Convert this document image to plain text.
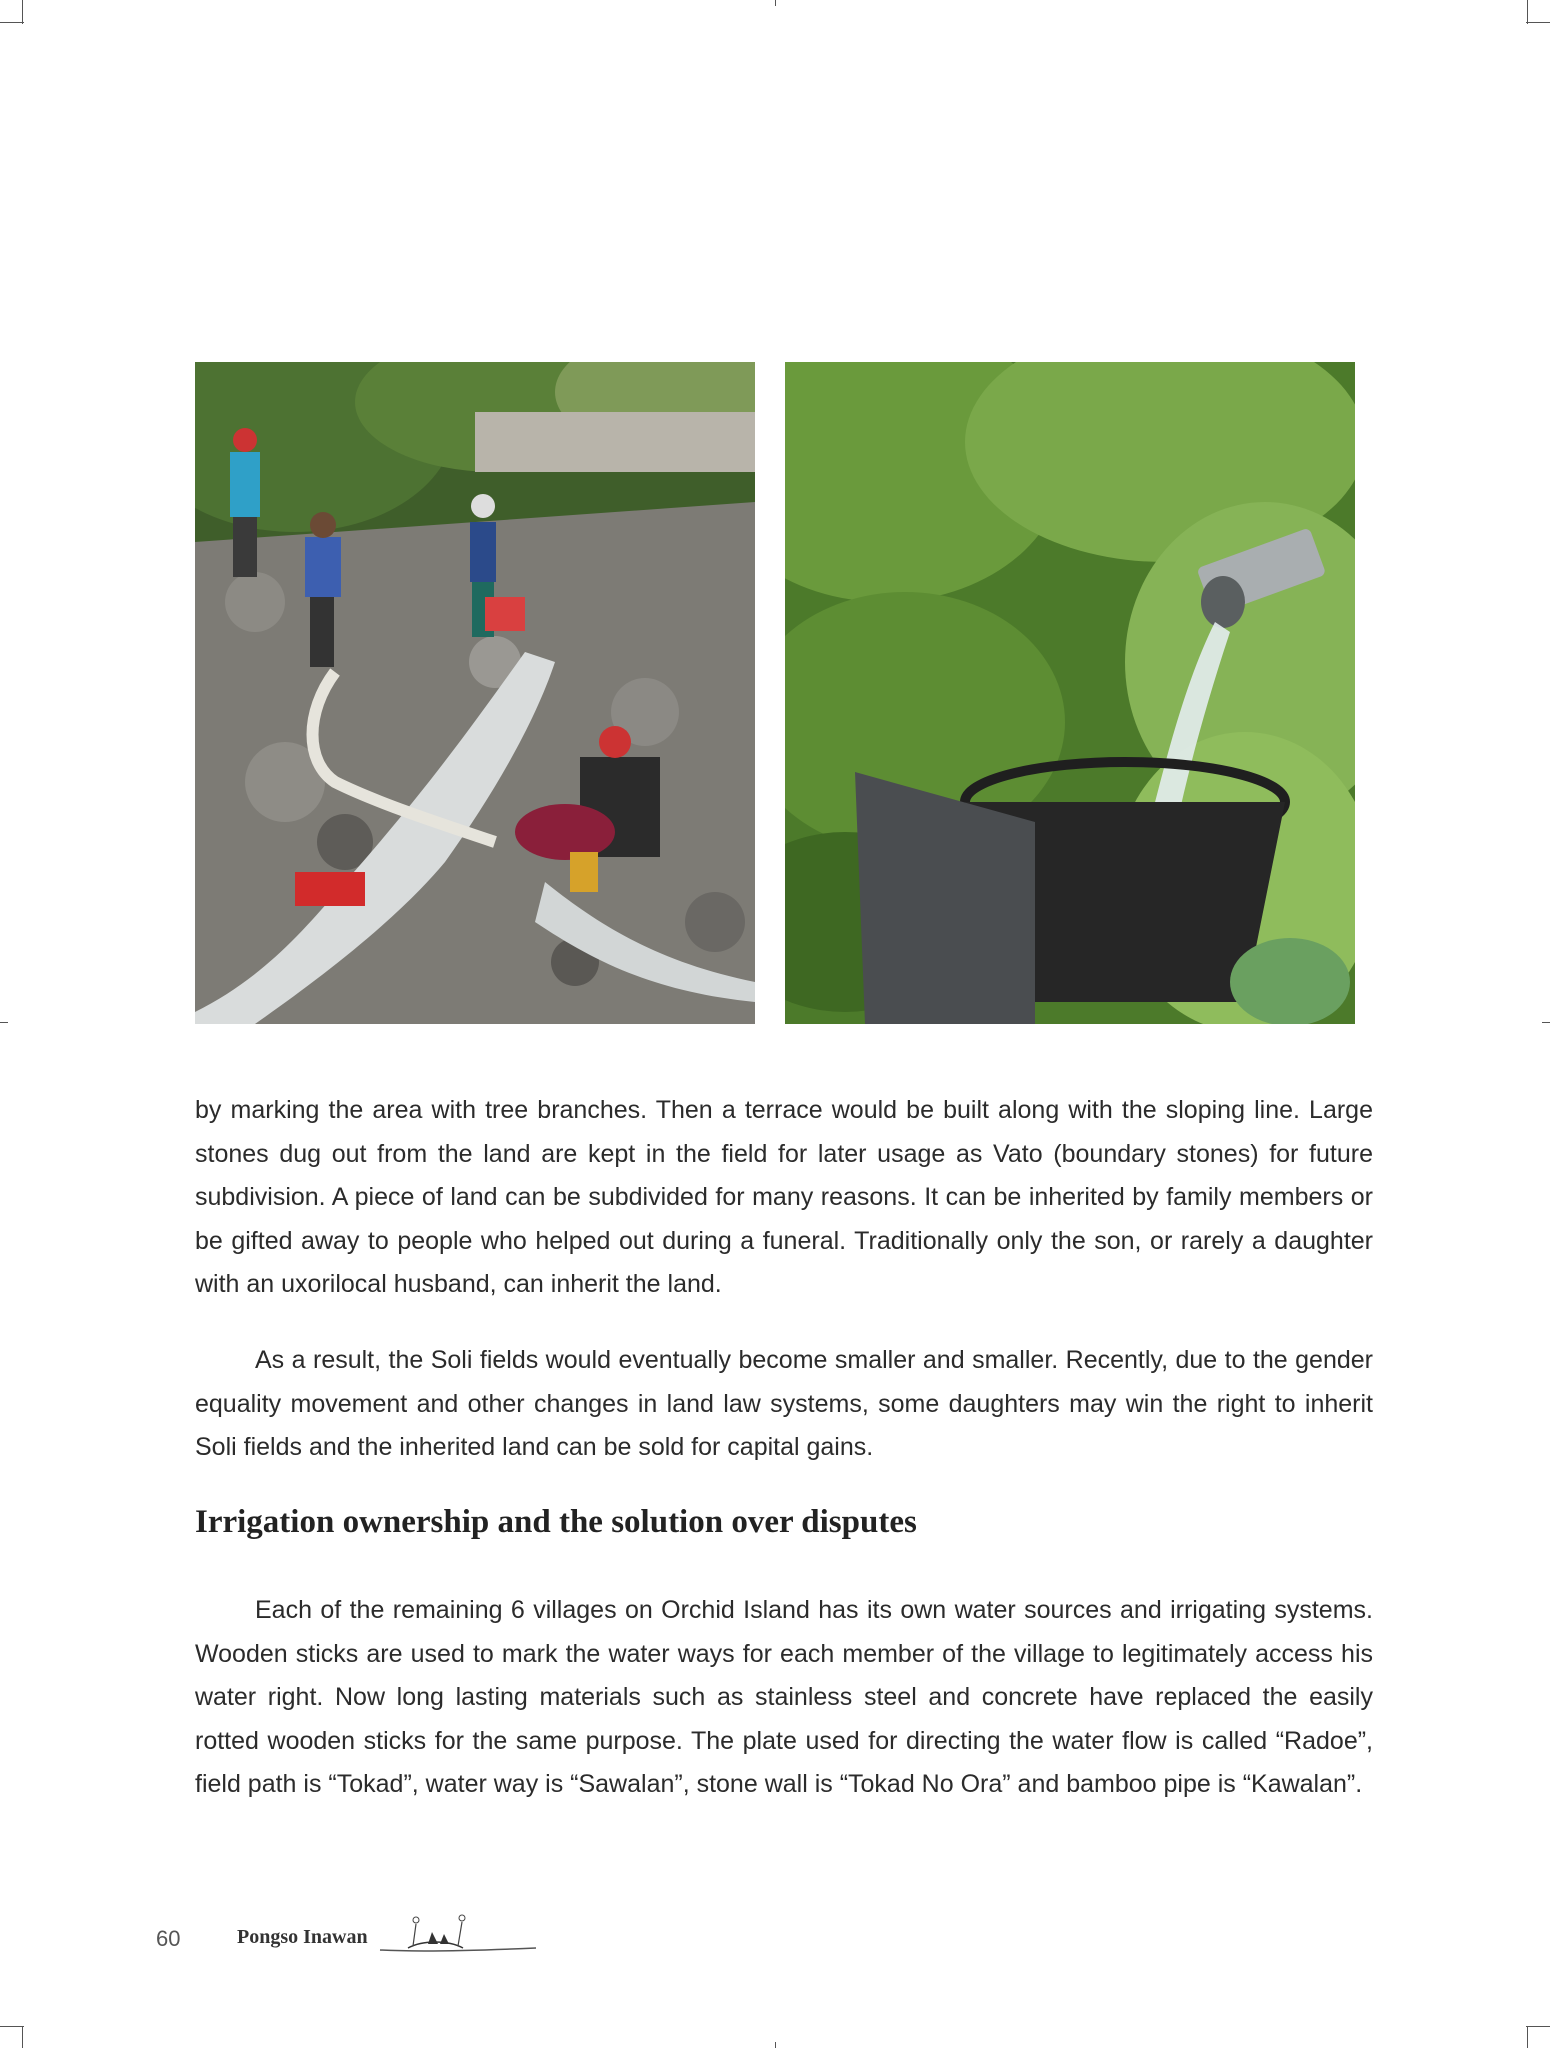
by marking the area with tree branches. Then a terrace would be built along with the sloping line. Large stones dug out from the land are kept in the field for later usage as Vato (boundary stones) for future subdivision. A piece of land can be subdivided for many reasons. It can be inherited by family members or be gifted away to people who helped out during a funeral. Traditionally only the son, or rarely a daughter with an uxorilocal husband, can inherit the land.

As a result, the Soli fields would eventually become smaller and smaller. Recently, due to the gender equality movement and other changes in land law systems, some daughters may win the right to inherit Soli fields and the inherited land can be sold for capital gains.

Irrigation ownership and the solution over disputes

Each of the remaining 6 villages on Orchid Island has its own water sources and irrigating systems. Wooden sticks are used to mark the water ways for each member of the village to legitimately access his water right. Now long lasting materials such as stainless steel and concrete have replaced the easily rotted wooden sticks for the same purpose. The plate used for directing the water flow is called “Radoe”, field path is “Tokad”, water way is “Sawalan”, stone wall is “Tokad No Ora” and bamboo pipe is “Kawalan”.

60	Pongso Inawan
